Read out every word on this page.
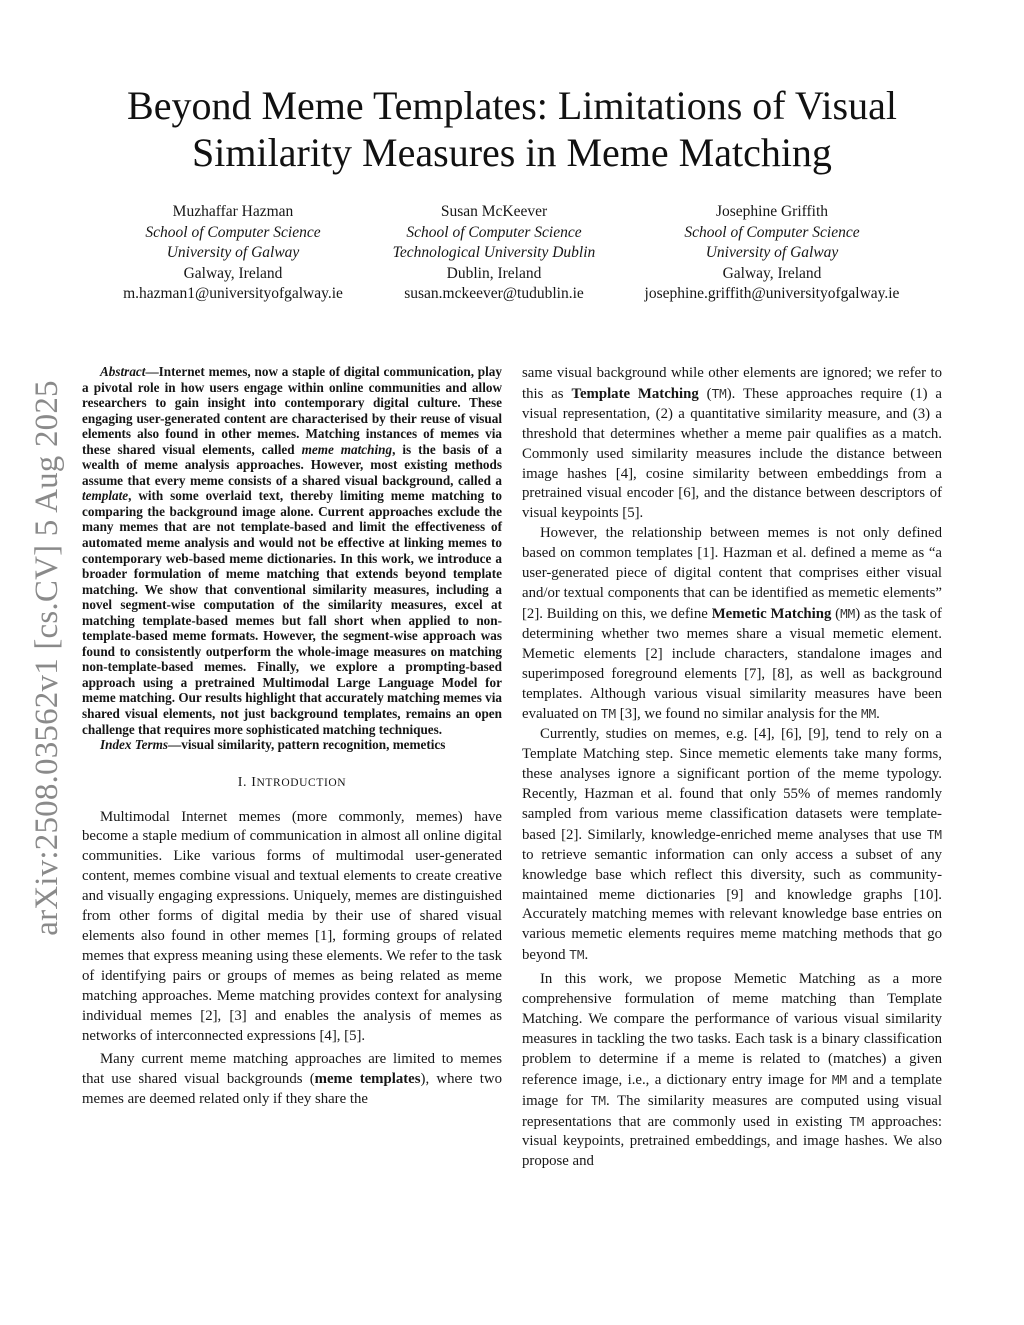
arXiv:2508.03562v1 [cs.CV] 5 Aug 2025
Beyond Meme Templates: Limitations of Visual
Similarity Measures in Meme Matching
Muzhaffar Hazman
School of Computer Science
University of Galway
Galway, Ireland
m.hazman1@universityofgalway.ie
Susan McKeever
School of Computer Science
Technological University Dublin
Dublin, Ireland
susan.mckeever@tudublin.ie
Josephine Griffith
School of Computer Science
University of Galway
Galway, Ireland
josephine.griffith@universityofgalway.ie

Abstract—Internet memes, now a staple of digital communication, play a pivotal role in how users engage within online communities and allow researchers to gain insight into contemporary digital culture. These engaging user-generated content are characterised by their reuse of visual elements also found in other memes. Matching instances of memes via these shared visual elements, called meme matching, is the basis of a wealth of meme analysis approaches. However, most existing methods assume that every meme consists of a shared visual background, called a template, with some overlaid text, thereby limiting meme matching to comparing the background image alone. Current approaches exclude the many memes that are not template-based and limit the effectiveness of automated meme analysis and would not be effective at linking memes to contemporary web-based meme dictionaries. In this work, we introduce a broader formulation of meme matching that extends beyond template matching. We show that conventional similarity measures, including a novel segment-wise computation of the similarity measures, excel at matching template-based memes but fall short when applied to non-template-based meme formats. However, the segment-wise approach was found to consistently outperform the whole-image measures on matching non-template-based memes. Finally, we explore a prompting-based approach using a pretrained Multimodal Large Language Model for meme matching. Our results highlight that accurately matching memes via shared visual elements, not just background templates, remains an open challenge that requires more sophisticated matching techniques.

Index Terms—visual similarity, pattern recognition, memetics

I. INTRODUCTION

Multimodal Internet memes (more commonly, memes) have become a staple medium of communication in almost all online digital communities. Like various forms of multimodal user-generated content, memes combine visual and textual elements to create creative and visually engaging expressions. Uniquely, memes are distinguished from other forms of digital media by their use of shared visual elements also found in other memes [1], forming groups of related memes that express meaning using these elements. We refer to the task of identifying pairs or groups of memes as being related as meme matching approaches. Meme matching provides context for analysing individual memes [2], [3] and enables the analysis of memes as networks of interconnected expressions [4], [5].

Many current meme matching approaches are limited to memes that use shared visual backgrounds (meme templates), where two memes are deemed related only if they share the

same visual background while other elements are ignored; we refer to this as Template Matching (TM). These approaches require (1) a visual representation, (2) a quantitative similarity measure, and (3) a threshold that determines whether a meme pair qualifies as a match. Commonly used similarity measures include the distance between image hashes [4], cosine similarity between embeddings from a pretrained visual encoder [6], and the distance between descriptors of visual keypoints [5].

However, the relationship between memes is not only defined based on common templates [1]. Hazman et al. defined a meme as “a user-generated piece of digital content that comprises either visual and/or textual components that can be identified as memetic elements” [2]. Building on this, we define Memetic Matching (MM) as the task of determining whether two memes share a visual memetic element. Memetic elements [2] include characters, standalone images and superimposed foreground elements [7], [8], as well as background templates. Although various visual similarity measures have been evaluated on TM [3], we found no similar analysis for the MM.

Currently, studies on memes, e.g. [4], [6], [9], tend to rely on a Template Matching step. Since memetic elements take many forms, these analyses ignore a significant portion of the meme typology. Recently, Hazman et al. found that only 55% of memes randomly sampled from various meme classification datasets were template-based [2]. Similarly, knowledge-enriched meme analyses that use TM to retrieve semantic information can only access a subset of any knowledge base which reflect this diversity, such as community-maintained meme dictionaries [9] and knowledge graphs [10]. Accurately matching memes with relevant knowledge base entries on various memetic elements requires meme matching methods that go beyond TM.

In this work, we propose Memetic Matching as a more comprehensive formulation of meme matching than Template Matching. We compare the performance of various visual similarity measures in tackling the two tasks. Each task is a binary classification problem to determine if a meme is related to (matches) a given reference image, i.e., a dictionary entry image for MM and a template image for TM. The similarity measures are computed using visual representations that are commonly used in existing TM approaches: visual keypoints, pretrained embeddings, and image hashes. We also propose and
